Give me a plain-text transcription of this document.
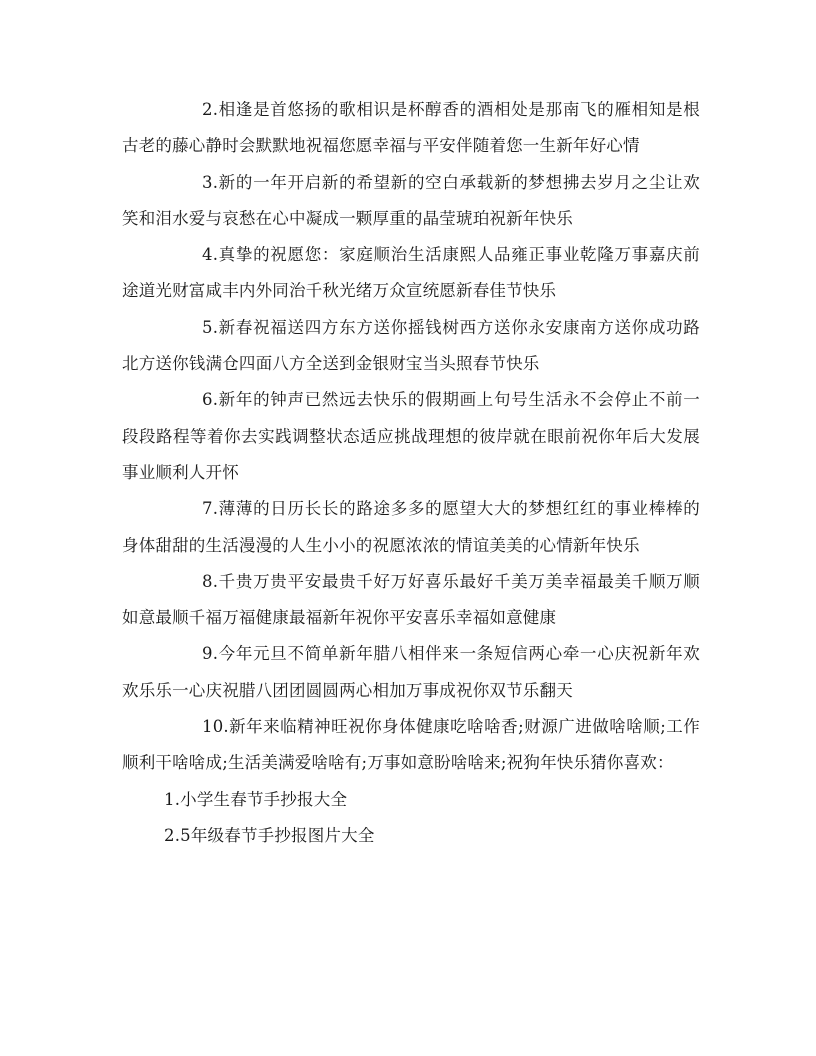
2.相逢是首悠扬的歌相识是杯醇香的酒相处是那南飞的雁相知是根古老的藤心静时会默默地祝福您愿幸福与平安伴随着您一生新年好心情

3.新的一年开启新的希望新的空白承载新的梦想拂去岁月之尘让欢笑和泪水爱与哀愁在心中凝成一颗厚重的晶莹琥珀祝新年快乐

4.真挚的祝愿您：家庭顺治生活康熙人品雍正事业乾隆万事嘉庆前途道光财富咸丰内外同治千秋光绪万众宣统愿新春佳节快乐

5.新春祝福送四方东方送你摇钱树西方送你永安康南方送你成功路北方送你钱满仓四面八方全送到金银财宝当头照春节快乐

6.新年的钟声已然远去快乐的假期画上句号生活永不会停止不前一段段路程等着你去实践调整状态适应挑战理想的彼岸就在眼前祝你年后大发展事业顺利人开怀

7.薄薄的日历长长的路途多多的愿望大大的梦想红红的事业棒棒的身体甜甜的生活漫漫的人生小小的祝愿浓浓的情谊美美的心情新年快乐

8.千贵万贵平安最贵千好万好喜乐最好千美万美幸福最美千顺万顺如意最顺千福万福健康最福新年祝你平安喜乐幸福如意健康

9.今年元旦不简单新年腊八相伴来一条短信两心牵一心庆祝新年欢欢乐乐一心庆祝腊八团团圆圆两心相加万事成祝你双节乐翻天

10.新年来临精神旺祝你身体健康吃啥啥香;财源广进做啥啥顺;工作顺利干啥啥成;生活美满爱啥啥有;万事如意盼啥啥来;祝狗年快乐猜你喜欢：

1.小学生春节手抄报大全
2.5年级春节手抄报图片大全
